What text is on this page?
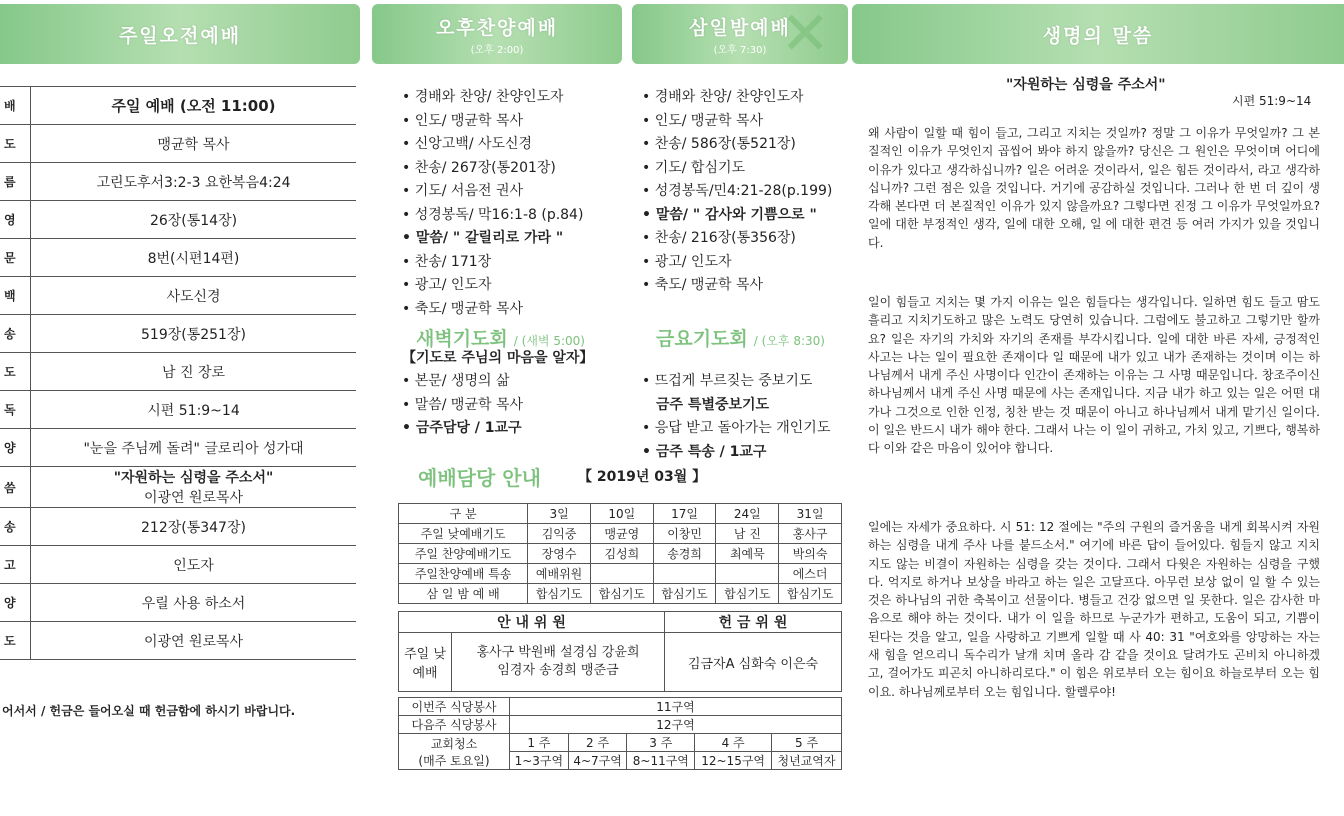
주일오전예배	오후찬양예배
(오후 2:00)
삼일밤예배
(오후 7:30) ✕	생명의 말씀
배	주일 예배 (오전 11:00)
도	맹균학 목사
름	고린도후서3:2-3 요한복음4:24
영	26장(통14장)
문	8번(시편14편)
백	사도신경
송	519장(통251장)
도	남 진 장로
독	시편 51:9~14
양	"눈을 주님께 돌려" 글로리아 성가대
씀	"자원하는 심령을 주소서"
이광연 원로목사
송	212장(통347장)
고	인도자
양	우릴 사용 하소서
도	이광연 원로목사
어서서 / 헌금은 들어오실 때 헌금함에 하시기 바랍니다.
• 경배와 찬양/ 찬양인도자
• 인도/ 맹균학 목사
• 신앙고백/ 사도신경
• 찬송/ 267장(통201장)
• 기도/ 서음전 권사
• 성경봉독/ 막16:1-8 (p.84)
• 말씀/ " 갈릴리로 가라 "
• 찬송/ 171장
• 광고/ 인도자
• 축도/ 맹균학 목사
• 경배와 찬양/ 찬양인도자
• 인도/ 맹균학 목사
• 찬송/ 586장(통521장)
• 기도/ 합심기도
• 성경봉독/민4:21-28(p.199)
• 말씀/ " 감사와 기쁨으로 "
• 찬송/ 216장(통356장)
• 광고/ 인도자
• 축도/ 맹균학 목사
새벽기도회 / (새벽 5:00)	금요기도회 / (오후 8:30)
【기도로 주님의 마음을 알자】
• 본문/ 생명의 삶
• 말씀/ 맹균학 목사
• 금주담당 / 1교구
• 뜨겁게 부르짖는 중보기도
금주 특별중보기도
• 응답 받고 돌아가는 개인기도
• 금주 특송 / 1교구
예배담당 안내	【 2019년 03월 】
구 분	3일	10일	17일	24일	31일
주일 낮예배기도	김익중	맹균영	이창민	남 진	홍사구
주일 찬양예배기도	장영수	김성희	송경희	최예묵	박의숙
주일찬양예배 특송	예배위원				에스더
삼 일 밤 예 배	합심기도	합심기도	합심기도	합심기도	합심기도
안 내 위 원		헌 금 위 원
주일 낮예배	홍사구 박원배 설경심 강윤희
임경자 송경희 맹준금	김금자A 심화숙 이은숙
이번주 식당봉사	11구역				
다음주 식당봉사	12구역				

교회청소
(매주 토요일)	1 주	2 주	3 주	4 주	5 주
	1~3구역	4~7구역	8~11구역	12~15구역	청년교역자
"자원하는 심령을 주소서"
시편 51:9~14

왜 사람이 일할 때 힘이 들고, 그리고 지치는 것일까? 정말 그 이유가 무엇일까? 그 본질적인 이유가 무엇인지 곱씹어 봐야 하지 않을까? 당신은 그 원인은 무엇이며 어디에 이유가 있다고 생각하십니까? 일은 어려운 것이라서, 일은 힘든 것이라서, 라고 생각하십니까? 그런 점은 있을 것입니다. 거기에 공감하실 것입니다. 그러나 한 번 더 깊이 생각해 본다면 더 본질적인 이유가 있지 않을까요? 그렇다면 진정 그 이유가 무엇일까요? 일에 대한 부정적인 생각, 일에 대한 오해, 일 에 대한 편견 등 여러 가지가 있을 것입니다.

일이 힘들고 지치는 몇 가지 이유는 일은 힘들다는 생각입니다. 일하면 힘도 들고 땀도 흘리고 지치기도하고 많은 노력도 당연히 있습니다. 그럼에도 불고하고 그렇기만 할까요? 일은 자기의 가치와 자기의 존재를 부각시킵니다. 일에 대한 바른 자세, 긍정적인 사고는 나는 일이 필요한 존재이다 일 때문에 내가 있고 내가 존재하는 것이며 이는 하나님께서 내게 주신 사명이다 인간이 존재하는 이유는 그 사명 때문입니다. 창조주이신 하나님께서 내게 주신 사명 때문에 사는 존재입니다. 지금 내가 하고 있는 일은 어떤 대가나 그것으로 인한 인정, 칭찬 받는 것 때문이 아니고 하나님께서 내게 맡기신 일이다. 이 일은 반드시 내가 해야 한다. 그래서 나는 이 일이 귀하고, 가치 있고, 기쁘다, 행복하다 이와 같은 마음이 있어야 합니다.

일에는 자세가 중요하다. 시 51: 12 절에는 "주의 구원의 즐거움을 내게 회복시켜 자원하는 심령을 내게 주사 나를 붙드소서." 여기에 바른 답이 들어있다. 힘들지 않고 지치지도 않는 비결이 자원하는 심령을 갖는 것이다. 그래서 다윗은 자원하는 심령을 구했다. 억지로 하거나 보상을 바라고 하는 일은 고달프다. 아무런 보상 없이 일 할 수 있는 것은 하나님의 귀한 축복이고 선물이다. 병들고 건강 없으면 일 못한다. 일은 감사한 마음으로 해야 하는 것이다. 내가 이 일을 하므로 누군가가 편하고, 도움이 되고, 기쁨이 된다는 것을 알고, 일을 사랑하고 기쁘게 일할 때 사 40: 31 "여호와를 앙망하는 자는 새 힘을 얻으리니 독수리가 날개 치며 올라 감 같을 것이요 달려가도 곤비치 아니하겠고, 걸어가도 피곤치 아니하리로다." 이 힘은 위로부터 오는 힘이요 하늘로부터 오는 힘이요. 하나님께로부터 오는 힘입니다. 할렐루야!
